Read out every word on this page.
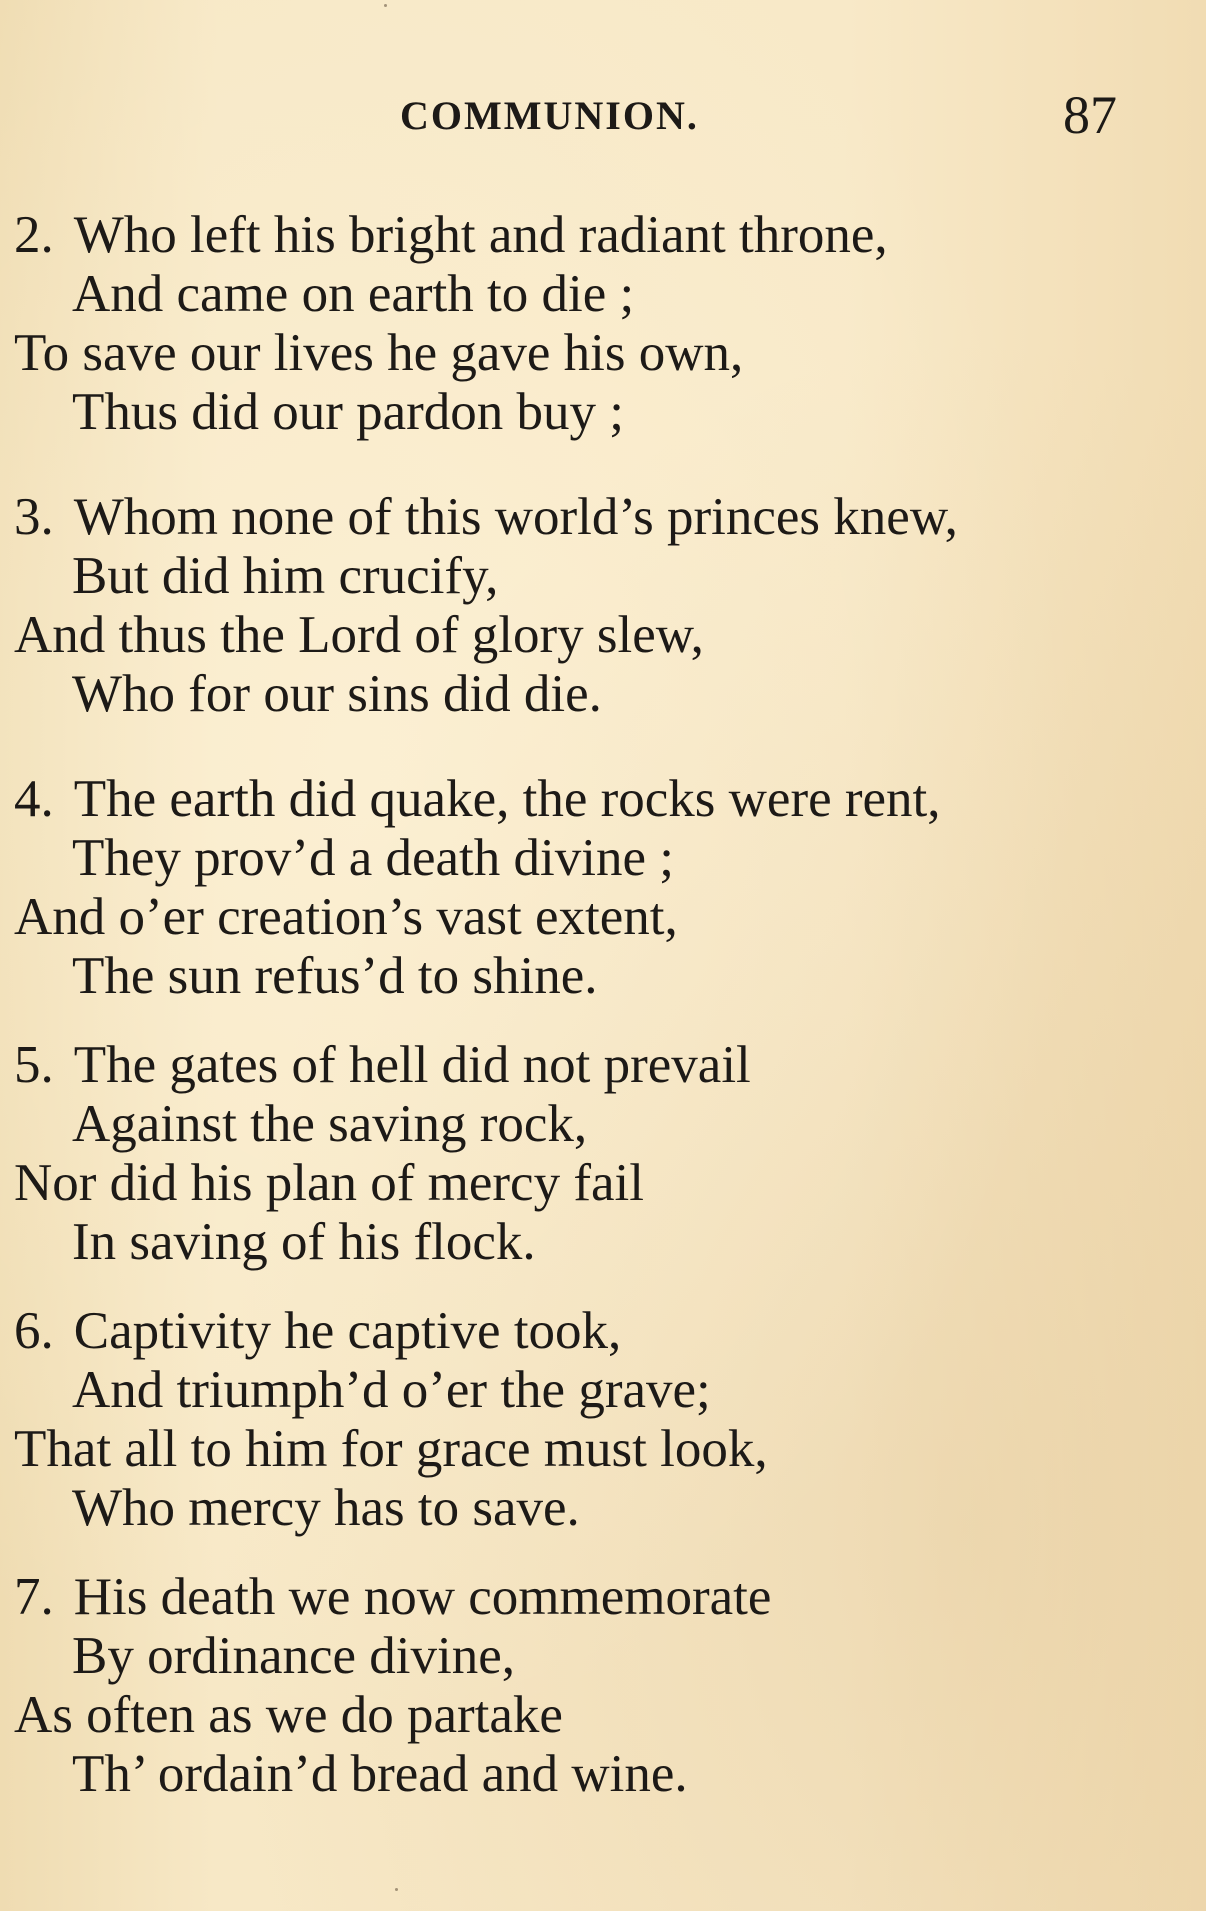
COMMUNION.	87
2. Who left his bright and radiant throne,
And came on earth to die ;
To save our lives he gave his own,
Thus did our pardon buy ;
3. Whom none of this world’s princes knew,
But did him crucify,
And thus the Lord of glory slew,
Who for our sins did die.
4. The earth did quake, the rocks were rent,
They prov’d a death divine ;
And o’er creation’s vast extent,
The sun refus’d to shine.
5. The gates of hell did not prevail
Against the saving rock,
Nor did his plan of mercy fail
In saving of his flock.
6. Captivity he captive took,
And triumph’d o’er the grave;
That all to him for grace must look,
Who mercy has to save.
7. His death we now commemorate
By ordinance divine,
As often as we do partake
Th’ ordain’d bread and wine.
